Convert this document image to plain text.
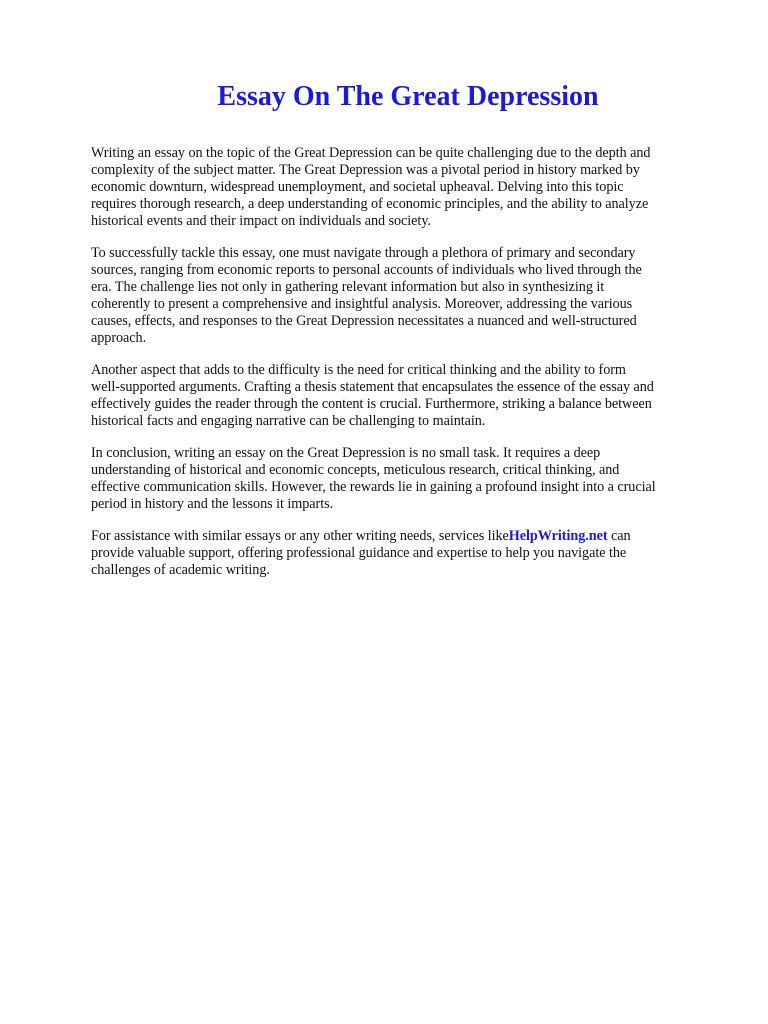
Essay On The Great Depression

Writing an essay on the topic of the Great Depression can be quite challenging due to the depth and
complexity of the subject matter. The Great Depression was a pivotal period in history marked by
economic downturn, widespread unemployment, and societal upheaval. Delving into this topic
requires thorough research, a deep understanding of economic principles, and the ability to analyze
historical events and their impact on individuals and society.

To successfully tackle this essay, one must navigate through a plethora of primary and secondary
sources, ranging from economic reports to personal accounts of individuals who lived through the
era. The challenge lies not only in gathering relevant information but also in synthesizing it
coherently to present a comprehensive and insightful analysis. Moreover, addressing the various
causes, effects, and responses to the Great Depression necessitates a nuanced and well-structured
approach.

Another aspect that adds to the difficulty is the need for critical thinking and the ability to form
well-supported arguments. Crafting a thesis statement that encapsulates the essence of the essay and
effectively guides the reader through the content is crucial. Furthermore, striking a balance between
historical facts and engaging narrative can be challenging to maintain.

In conclusion, writing an essay on the Great Depression is no small task. It requires a deep
understanding of historical and economic concepts, meticulous research, critical thinking, and
effective communication skills. However, the rewards lie in gaining a profound insight into a crucial
period in history and the lessons it imparts.

For assistance with similar essays or any other writing needs, services likeHelpWriting.net can
provide valuable support, offering professional guidance and expertise to help you navigate the
challenges of academic writing.
